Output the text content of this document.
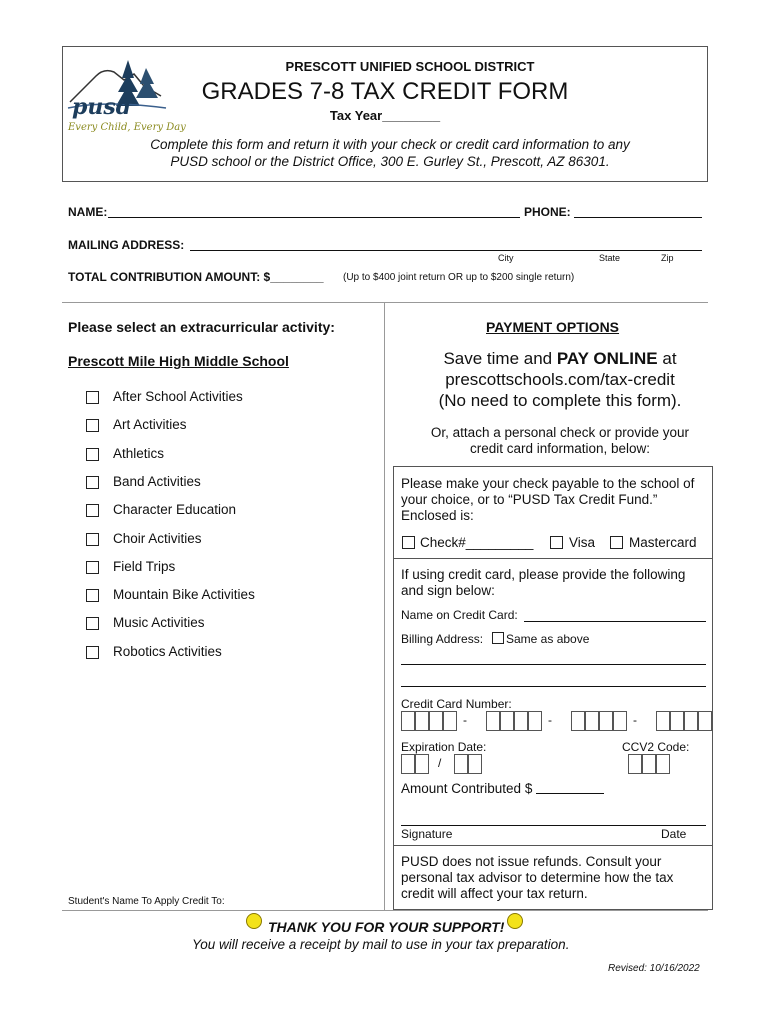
pusd
Every Child, Every Day
PRESCOTT UNIFIED SCHOOL DISTRICT
GRADES 7-8 TAX CREDIT FORM
Tax Year________
Complete this form and return it with your check or credit card information to any
PUSD school or the District Office, 300 E. Gurley St., Prescott, AZ 86301.
NAME:	PHONE:
MAILING ADDRESS:
City	State	Zip
TOTAL CONTRIBUTION AMOUNT: $________ (Up to $400 joint return OR up to $200 single return)
Please select an extracurricular activity:
Prescott Mile High Middle School
After School Activities
Art Activities
Athletics
Band Activities
Character Education
Choir Activities
Field Trips
Mountain Bike Activities
Music Activities
Robotics Activities
Student's Name To Apply Credit To:
PAYMENT OPTIONS
Save time and PAY ONLINE at
prescottschools.com/tax-credit
(No need to complete this form).
Or, attach a personal check or provide your
credit card information, below:
Please make your check payable to the school of your choice, or to “PUSD Tax Credit Fund.” Enclosed is:
Check#_________	Visa	Mastercard
If using credit card, please provide the following and sign below:
Name on Credit Card:
Billing Address: Same as above
Credit Card Number:
-	-	-
Expiration Date:	CCV2 Code:
/
Amount Contributed $
Signature	Date
PUSD does not issue refunds. Consult your personal tax advisor to determine how the tax credit will affect your tax return.
THANK YOU FOR YOUR SUPPORT!
You will receive a receipt by mail to use in your tax preparation.
Revised: 10/16/2022
